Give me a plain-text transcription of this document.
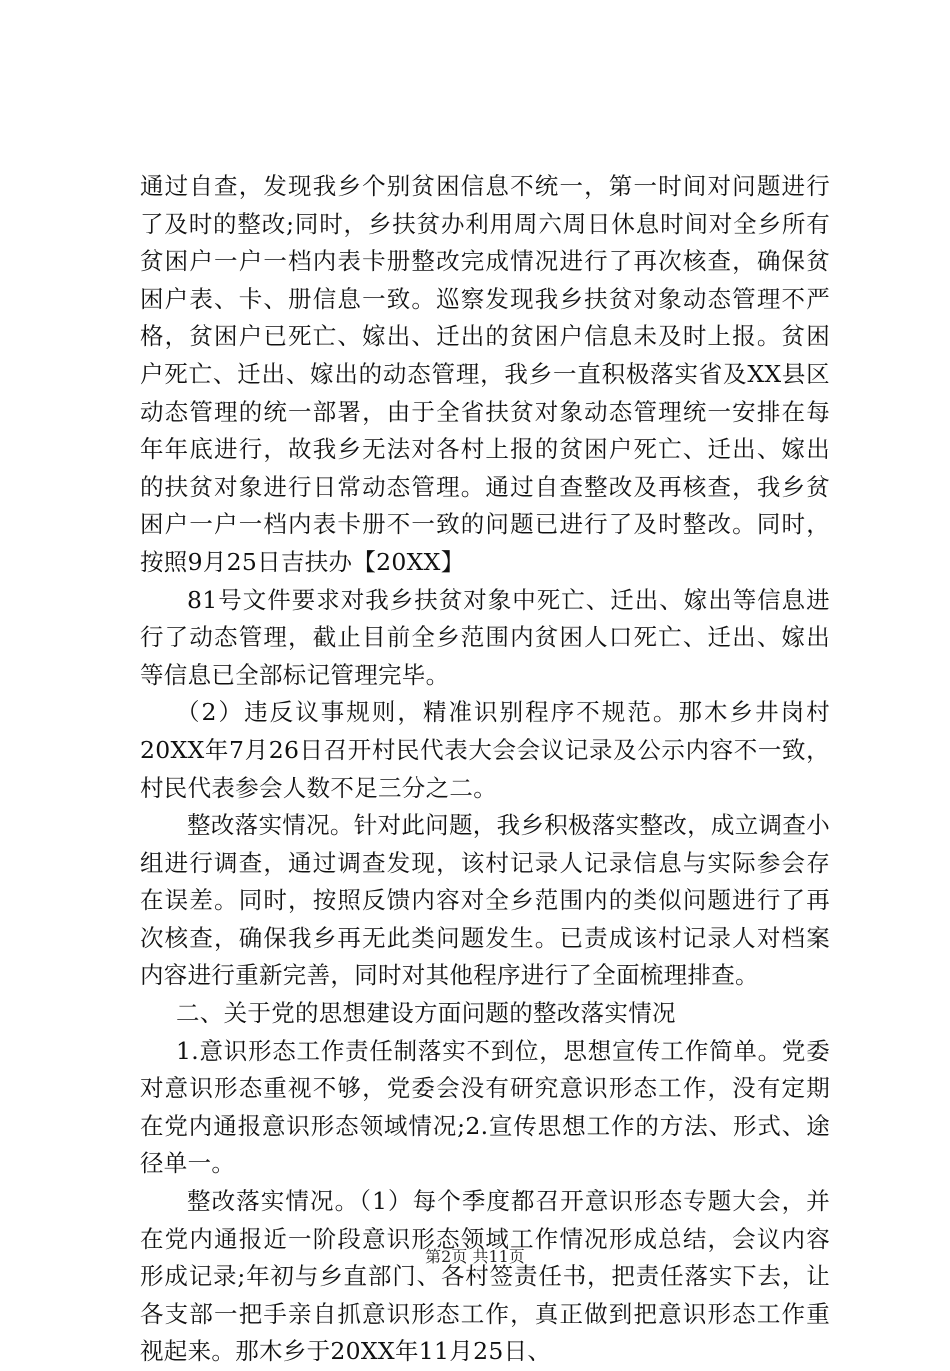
通过自查，发现我乡个别贫困信息不统一，第一时间对问题进行了及时的整改;同时，乡扶贫办利用周六周日休息时间对全乡所有贫困户一户一档内表卡册整改完成情况进行了再次核查，确保贫困户表、卡、册信息一致。巡察发现我乡扶贫对象动态管理不严格，贫困户已死亡、嫁出、迁出的贫困户信息未及时上报。贫困户死亡、迁出、嫁出的动态管理，我乡一直积极落实省及XX县区动态管理的统一部署，由于全省扶贫对象动态管理统一安排在每年年底进行，故我乡无法对各村上报的贫困户死亡、迁出、嫁出的扶贫对象进行日常动态管理。通过自查整改及再核查，我乡贫困户一户一档内表卡册不一致的问题已进行了及时整改。同时，按照9月25日吉扶办【20XX】

81号文件要求对我乡扶贫对象中死亡、迁出、嫁出等信息进行了动态管理，截止目前全乡范围内贫困人口死亡、迁出、嫁出等信息已全部标记管理完毕。

（2）违反议事规则，精准识别程序不规范。那木乡井岗村20XX年7月26日召开村民代表大会会议记录及公示内容不一致，村民代表参会人数不足三分之二。

整改落实情况。针对此问题，我乡积极落实整改，成立调查小组进行调查，通过调查发现，该村记录人记录信息与实际参会存在误差。同时，按照反馈内容对全乡范围内的类似问题进行了再次核查，确保我乡再无此类问题发生。已责成该村记录人对档案内容进行重新完善，同时对其他程序进行了全面梳理排查。

二、关于党的思想建设方面问题的整改落实情况

1.意识形态工作责任制落实不到位，思想宣传工作简单。党委对意识形态重视不够，党委会没有研究意识形态工作，没有定期在党内通报意识形态领域情况;2.宣传思想工作的方法、形式、途径单一。

整改落实情况。（1）每个季度都召开意识形态专题大会，并在党内通报近一阶段意识形态领域工作情况形成总结，会议内容形成记录;年初与乡直部门、各村签责任书，把责任落实下去，让各支部一把手亲自抓意识形态工作，真正做到把意识形态工作重视起来。那木乡于20XX年11月25日、

第2页 共11页
